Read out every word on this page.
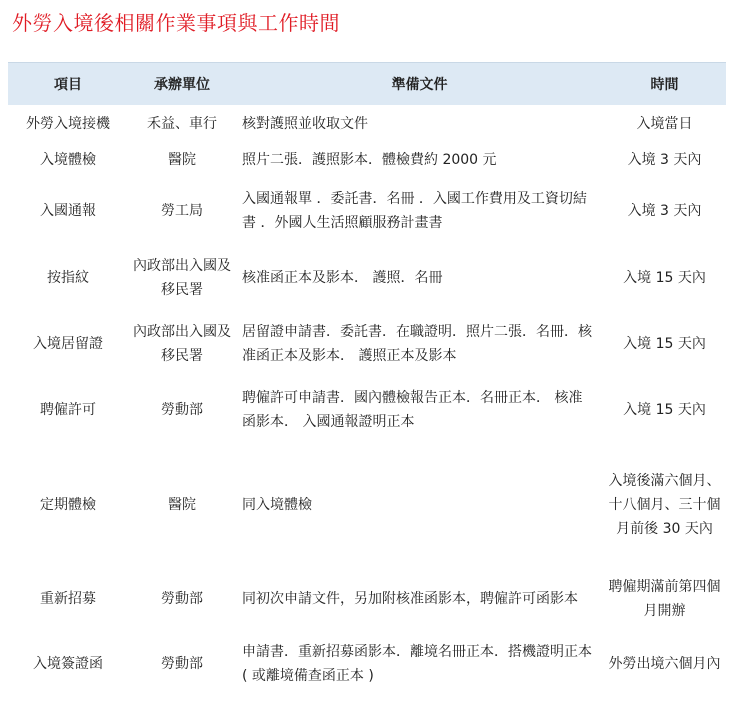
外勞入境後相關作業事項與工作時間
項目	承辦單位	準備文件	時間
外勞入境接機	禾益、車行	核對護照並收取文件	入境當日
入境體檢	醫院	照片二張．護照影本．體檢費約 2000 元	入境 3 天內
入國通報	勞工局	入國通報單 ．委託書．名冊 ．入國工作費用及工資切結書 ．外國人生活照顧服務計畫書	入境 3 天內
按指紋	內政部出入國及移民署	核准函正本及影本． 護照．名冊	入境 15 天內
入境居留證	內政部出入國及移民署	居留證申請書．委託書．在職證明．照片二張．名冊．核准函正本及影本． 護照正本及影本	入境 15 天內
聘僱許可	勞動部	聘僱許可申請書．國內體檢報告正本．名冊正本． 核准函影本． 入國通報證明正本	入境 15 天內
定期體檢	醫院	同入境體檢	入境後滿六個月、十八個月、三十個月前後 30 天內
重新招募	勞動部	同初次申請文件，另加附核准函影本，聘僱許可函影本	聘僱期滿前第四個月開辦
入境簽證函	勞動部	申請書．重新招募函影本．離境名冊正本．搭機證明正本 ( 或離境備查函正本 )	外勞出境六個月內
